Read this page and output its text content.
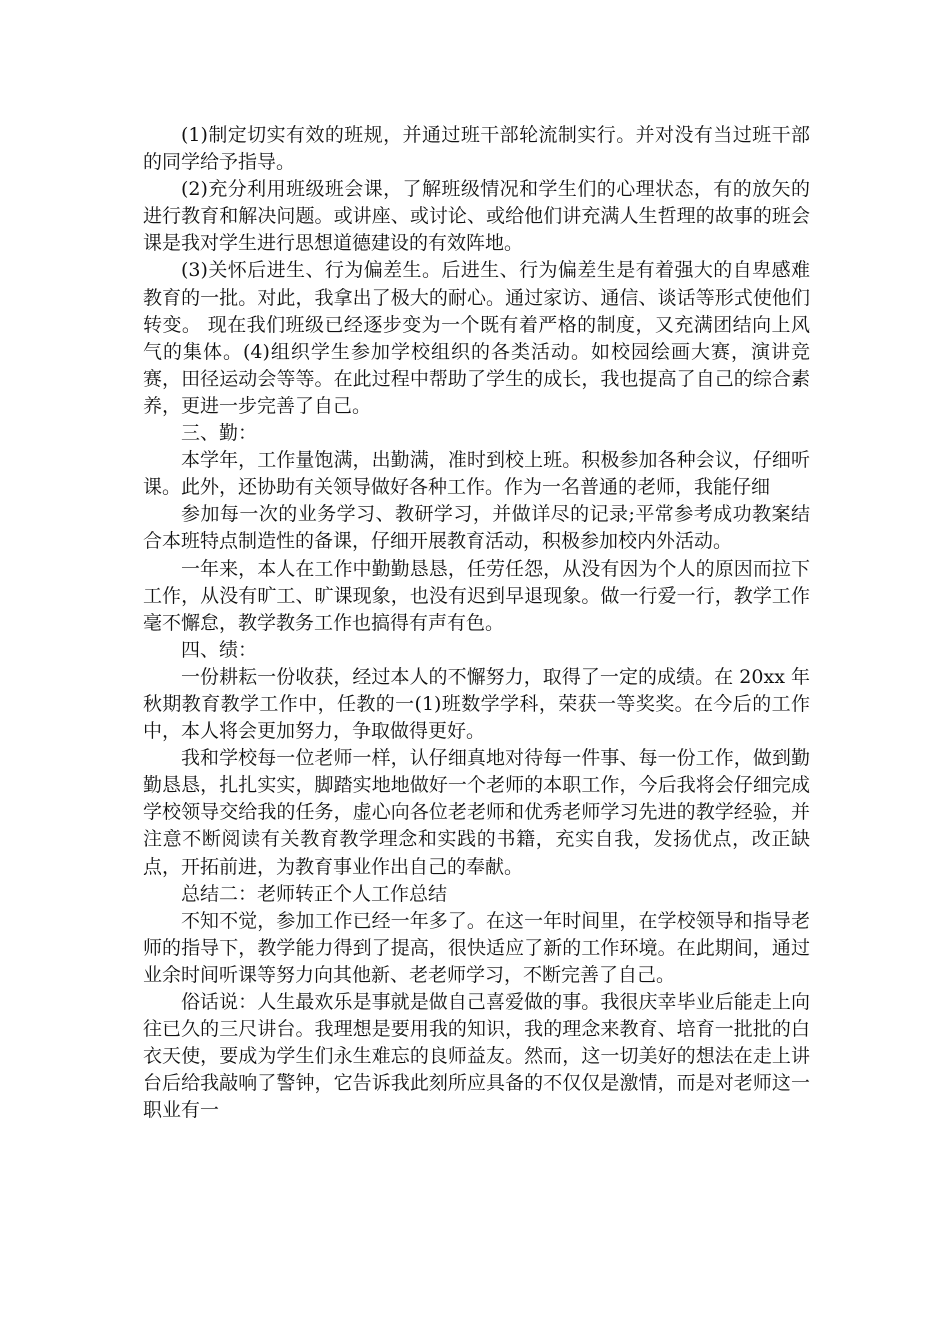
(1)制定切实有效的班规，并通过班干部轮流制实行。并对没有当过班干部的同学给予指导。

(2)充分利用班级班会课，了解班级情况和学生们的心理状态，有的放矢的进行教育和解决问题。或讲座、或讨论、或给他们讲充满人生哲理的故事的班会课是我对学生进行思想道德建设的有效阵地。

(3)关怀后进生、行为偏差生。后进生、行为偏差生是有着强大的自卑感难教育的一批。对此，我拿出了极大的耐心。通过家访、通信、谈话等形式使他们转变。 现在我们班级已经逐步变为一个既有着严格的制度，又充满团结向上风气的集体。(4)组织学生参加学校组织的各类活动。如校园绘画大赛，演讲竞赛，田径运动会等等。在此过程中帮助了学生的成长，我也提高了自己的综合素养，更进一步完善了自己。

三、勤：

本学年，工作量饱满，出勤满，准时到校上班。积极参加各种会议，仔细听课。此外，还协助有关领导做好各种工作。作为一名普通的老师，我能仔细

参加每一次的业务学习、教研学习，并做详尽的记录;平常参考成功教案结合本班特点制造性的备课，仔细开展教育活动，积极参加校内外活动。

一年来，本人在工作中勤勤恳恳，任劳任怨，从没有因为个人的原因而拉下工作，从没有旷工、旷课现象，也没有迟到早退现象。做一行爱一行，教学工作毫不懈怠，教学教务工作也搞得有声有色。

四、绩：

一份耕耘一份收获，经过本人的不懈努力，取得了一定的成绩。在 20xx 年秋期教育教学工作中，任教的一(1)班数学学科，荣获一等奖奖。在今后的工作中，本人将会更加努力，争取做得更好。

我和学校每一位老师一样，认仔细真地对待每一件事、每一份工作，做到勤勤恳恳，扎扎实实，脚踏实地地做好一个老师的本职工作，今后我将会仔细完成学校领导交给我的任务，虚心向各位老老师和优秀老师学习先进的教学经验，并注意不断阅读有关教育教学理念和实践的书籍，充实自我，发扬优点，改正缺点，开拓前进，为教育事业作出自己的奉献。

总结二：老师转正个人工作总结

不知不觉，参加工作已经一年多了。在这一年时间里，在学校领导和指导老师的指导下，教学能力得到了提高，很快适应了新的工作环境。在此期间，通过业余时间听课等努力向其他新、老老师学习，不断完善了自己。

俗话说：人生最欢乐是事就是做自己喜爱做的事。我很庆幸毕业后能走上向往已久的三尺讲台。我理想是要用我的知识，我的理念来教育、培育一批批的白衣天使，要成为学生们永生难忘的良师益友。然而，这一切美好的想法在走上讲台后给我敲响了警钟，它告诉我此刻所应具备的不仅仅是激情，而是对老师这一职业有一
